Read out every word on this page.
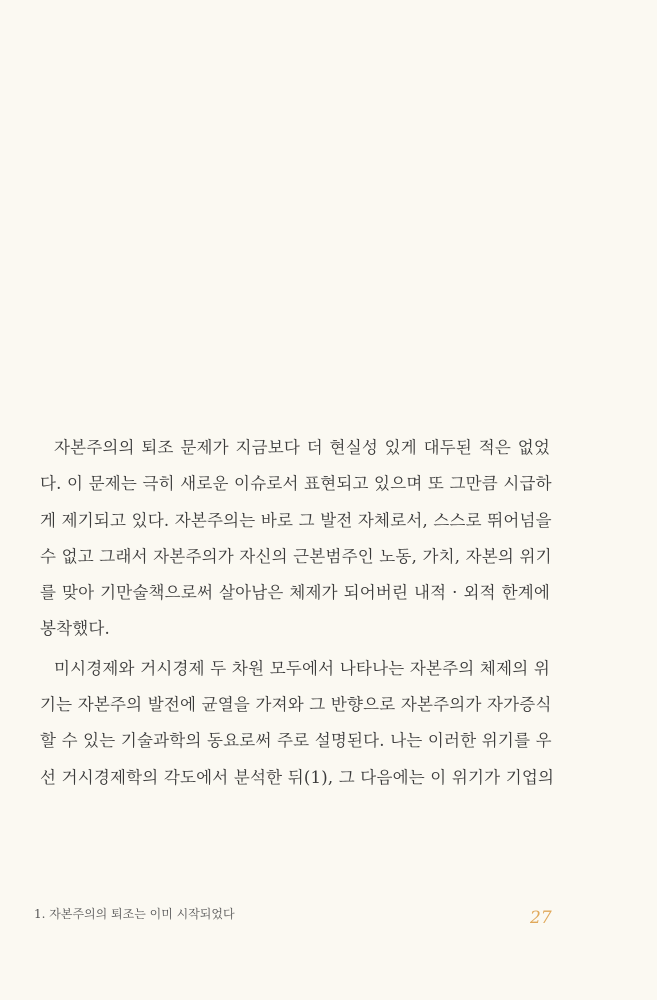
자본주의의 퇴조 문제가 지금보다 더 현실성 있게 대두된 적은 없었
다. 이 문제는 극히 새로운 이슈로서 표현되고 있으며 또 그만큼 시급하
게 제기되고 있다. 자본주의는 바로 그 발전 자체로서, 스스로 뛰어넘을
수 없고 그래서 자본주의가 자신의 근본범주인 노동, 가치, 자본의 위기
를 맞아 기만술책으로써 살아남은 체제가 되어버린 내적 · 외적 한계에
봉착했다.
미시경제와 거시경제 두 차원 모두에서 나타나는 자본주의 체제의 위
기는 자본주의 발전에 균열을 가져와 그 반향으로 자본주의가 자가증식
할 수 있는 기술과학의 동요로써 주로 설명된다. 나는 이러한 위기를 우
선 거시경제학의 각도에서 분석한 뒤(1), 그 다음에는 이 위기가 기업의
1. 자본주의의 퇴조는 이미 시작되었다	27
